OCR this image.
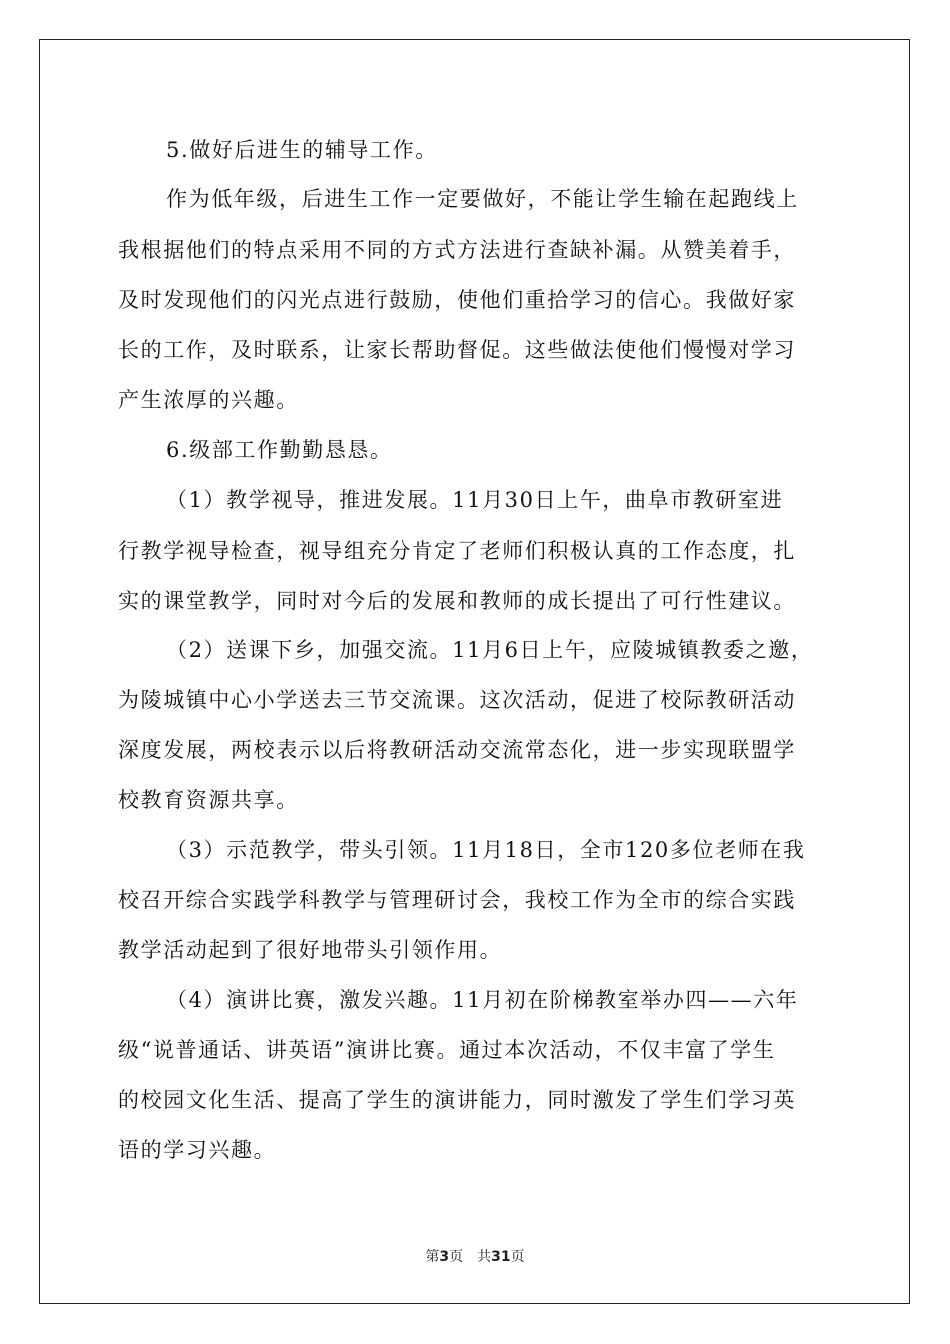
5.做好后进生的辅导工作。
作为低年级，后进生工作一定要做好，不能让学生输在起跑线上
我根据他们的特点采用不同的方式方法进行查缺补漏。从赞美着手，
及时发现他们的闪光点进行鼓励，使他们重拾学习的信心。我做好家
长的工作，及时联系，让家长帮助督促。这些做法使他们慢慢对学习
产生浓厚的兴趣。
6.级部工作勤勤恳恳。
（1）教学视导，推进发展。11月30日上午，曲阜市教研室进
行教学视导检查，视导组充分肯定了老师们积极认真的工作态度，扎
实的课堂教学，同时对今后的发展和教师的成长提出了可行性建议。
（2）送课下乡，加强交流。11月6日上午，应陵城镇教委之邀，
为陵城镇中心小学送去三节交流课。这次活动，促进了校际教研活动
深度发展，两校表示以后将教研活动交流常态化，进一步实现联盟学
校教育资源共享。
（3）示范教学，带头引领。11月18日，全市120多位老师在我
校召开综合实践学科教学与管理研讨会，我校工作为全市的综合实践
教学活动起到了很好地带头引领作用。
（4）演讲比赛，激发兴趣。11月初在阶梯教室举办四——六年
级“说普通话、讲英语”演讲比赛。通过本次活动，不仅丰富了学生
的校园文化生活、提高了学生的演讲能力，同时激发了学生们学习英
语的学习兴趣。
第3页 共31页
